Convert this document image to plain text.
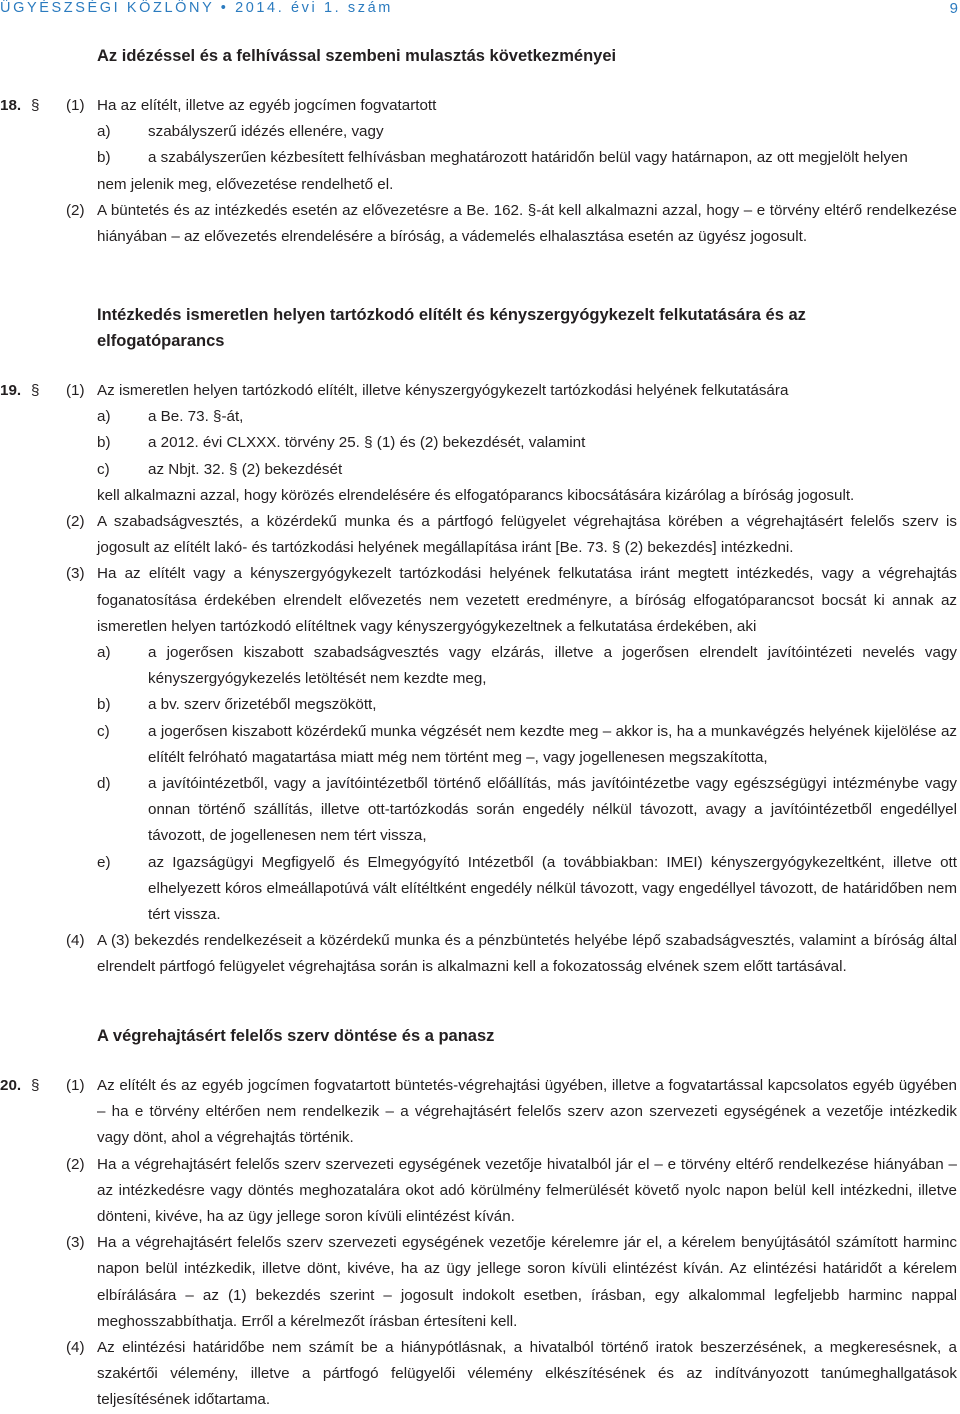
ÜGYÉSZSÉGI KÖZLÖNY • 2014. évi 1. szám	9
Az idézéssel és a felhívással szembeni mulasztás következményei
18. § (1) Ha az elítélt, illetve az egyéb jogcímen fogvatartott
a) szabályszerű idézés ellenére, vagy
b) a szabályszerűen kézbesített felhívásban meghatározott határidőn belül vagy határnapon, az ott megjelölt helyen
nem jelenik meg, elővezetése rendelhető el.
(2) A büntetés és az intézkedés esetén az elővezetésre a Be. 162. §-át kell alkalmazni azzal, hogy – e törvény eltérő rendelkezése hiányában – az elővezetés elrendelésére a bíróság, a vádemelés elhalasztása esetén az ügyész jogosult.
Intézkedés ismeretlen helyen tartózkodó elítélt és kényszergyógykezelt felkutatására és az elfogatóparancs
19. § (1) Az ismeretlen helyen tartózkodó elítélt, illetve kényszergyógykezelt tartózkodási helyének felkutatására
a) a Be. 73. §-át,
b) a 2012. évi CLXXX. törvény 25. § (1) és (2) bekezdését, valamint
c)	az Nbjt. 32. § (2) bekezdését
kell alkalmazni azzal, hogy körözés elrendelésére és elfogatóparancs kibocsátására kizárólag a bíróság jogosult.
(2) A szabadságvesztés, a közérdekű munka és a pártfogó felügyelet végrehajtása körében a végrehajtásért felelős szerv is jogosult az elítélt lakó- és tartózkodási helyének megállapítása iránt [Be. 73. § (2) bekezdés] intézkedni.
(3) Ha az elítélt vagy a kényszergyógykezelt tartózkodási helyének felkutatása iránt megtett intézkedés, vagy a végrehajtás foganatosítása érdekében elrendelt elővezetés nem vezetett eredményre, a bíróság elfogatóparancsot bocsát ki annak az ismeretlen helyen tartózkodó elítéltnek vagy kényszergyógykezeltnek a felkutatása érdekében, aki
a) a jogerősen kiszabott szabadságvesztés vagy elzárás, illetve a jogerősen elrendelt javítóintézeti nevelés vagy kényszergyógykezelés letöltését nem kezdte meg,
b) a bv. szerv őrizetéből megszökött,
c)	a jogerősen kiszabott közérdekű munka végzését nem kezdte meg – akkor is, ha a munkavégzés helyének kijelölése az elítélt felróható magatartása miatt még nem történt meg –, vagy jogellenesen megszakította,
d) a javítóintézetből, vagy a javítóintézetből történő előállítás, más javítóintézetbe vagy egészségügyi intézménybe vagy onnan történő szállítás, illetve ott-tartózkodás során engedély nélkül távozott, avagy a javítóintézetből engedéllyel távozott, de jogellenesen nem tért vissza,
e) az Igazságügyi Megfigyelő és Elmegyógyító Intézetből (a továbbiakban: IMEI) kényszergyógykezeltként, illetve ott elhelyezett kóros elmeállapotúvá vált elítéltként engedély nélkül távozott, vagy engedéllyel távozott, de határidőben nem tért vissza.
(4) A (3) bekezdés rendelkezéseit a közérdekű munka és a pénzbüntetés helyébe lépő szabadságvesztés, valamint a bíróság által elrendelt pártfogó felügyelet végrehajtása során is alkalmazni kell a fokozatosság elvének szem előtt tartásával.
A végrehajtásért felelős szerv döntése és a panasz
20. § (1) Az elítélt és az egyéb jogcímen fogvatartott büntetés-végrehajtási ügyében, illetve a fogvatartással kapcsolatos egyéb ügyében – ha e törvény eltérően nem rendelkezik – a végrehajtásért felelős szerv azon szervezeti egységének a vezetője intézkedik vagy dönt, ahol a végrehajtás történik.
(2) Ha a végrehajtásért felelős szerv szervezeti egységének vezetője hivatalból jár el – e törvény eltérő rendelkezése hiányában – az intézkedésre vagy döntés meghozatalára okot adó körülmény felmerülését követő nyolc napon belül kell intézkedni, illetve dönteni, kivéve, ha az ügy jellege soron kívüli elintézést kíván.
(3) Ha a végrehajtásért felelős szerv szervezeti egységének vezetője kérelemre jár el, a kérelem benyújtásától számított harminc napon belül intézkedik, illetve dönt, kivéve, ha az ügy jellege soron kívüli elintézést kíván. Az elintézési határidőt a kérelem elbírálására – az (1) bekezdés szerint – jogosult indokolt esetben, írásban, egy alkalommal legfeljebb harminc nappal meghosszabbíthatja. Erről a kérelmezőt írásban értesíteni kell.
(4) Az elintézési határidőbe nem számít be a hiánypótlásnak, a hivatalból történő iratok beszerzésének, a megkeresésnek, a szakértői vélemény, illetve a pártfogó felügyelői vélemény elkészítésének és az indítványozott tanúmeghallgatások teljesítésének időtartama.
